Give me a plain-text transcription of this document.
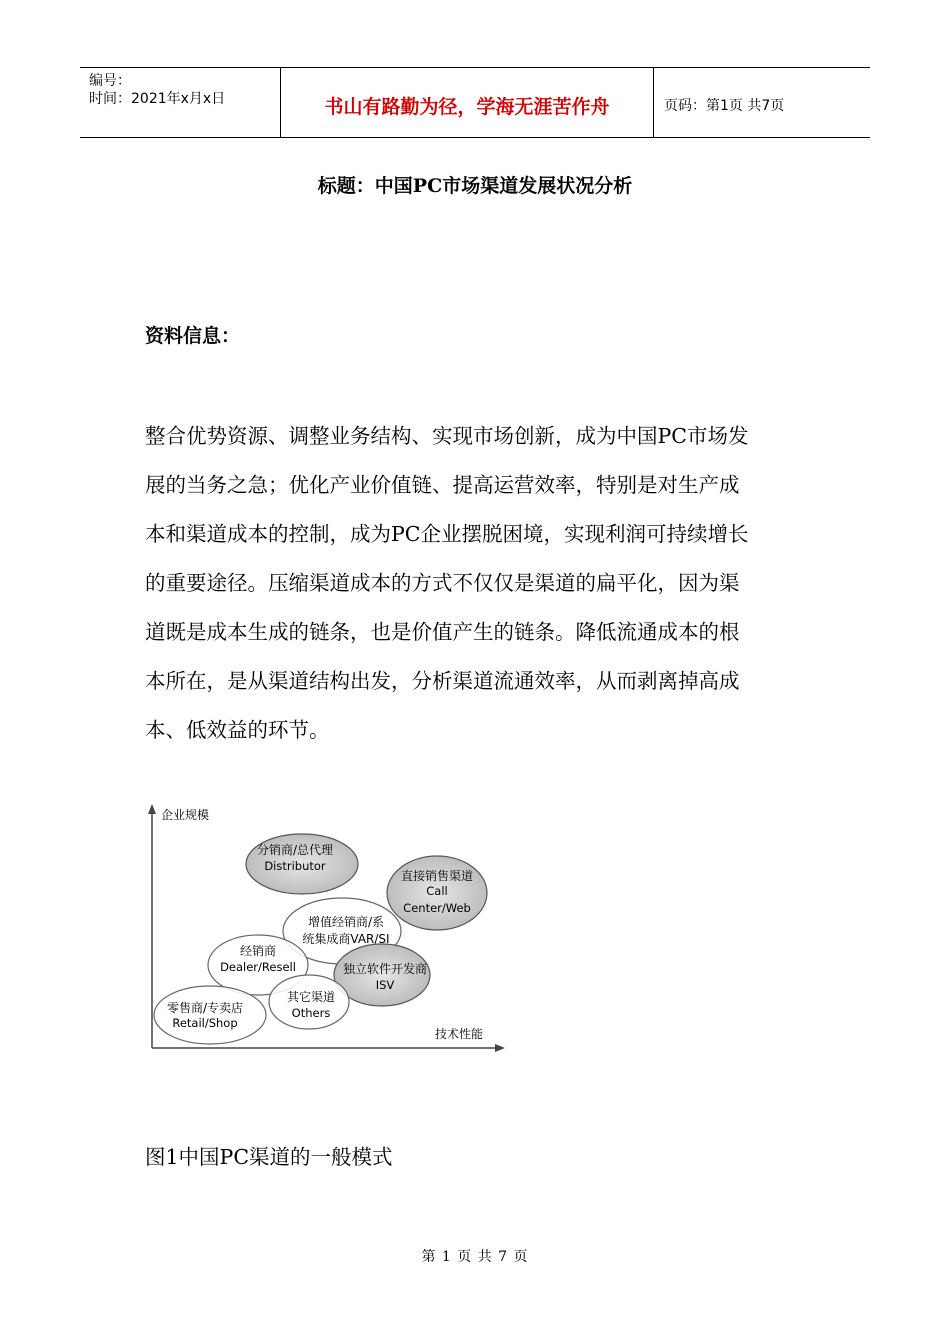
编号：
时间：2021年x月x日	书山有路勤为径，学海无涯苦作舟	页码：第1页 共7页
标题：中国PC市场渠道发展状况分析
资料信息：
整合优势资源、调整业务结构、实现市场创新，成为中国PC市场发
展的当务之急；优化产业价值链、提高运营效率，特别是对生产成
本和渠道成本的控制，成为PC企业摆脱困境，实现利润可持续增长
的重要途径。压缩渠道成本的方式不仅仅是渠道的扁平化，因为渠
道既是成本生成的链条，也是价值产生的链条。降低流通成本的根
本所在，是从渠道结构出发，分析渠道流通效率，从而剥离掉高成
本、低效益的环节。
企业规模
技术性能
分销商/总代理
Distributor
直接销售渠道
Call
Center/Web
增值经销商/系
统集成商VAR/SI
独立软件开发商
ISV
经销商
Dealer/Resell
零售商/专卖店
Retail/Shop
其它渠道
Others
图1中国PC渠道的一般模式
第 1 页 共 7 页
